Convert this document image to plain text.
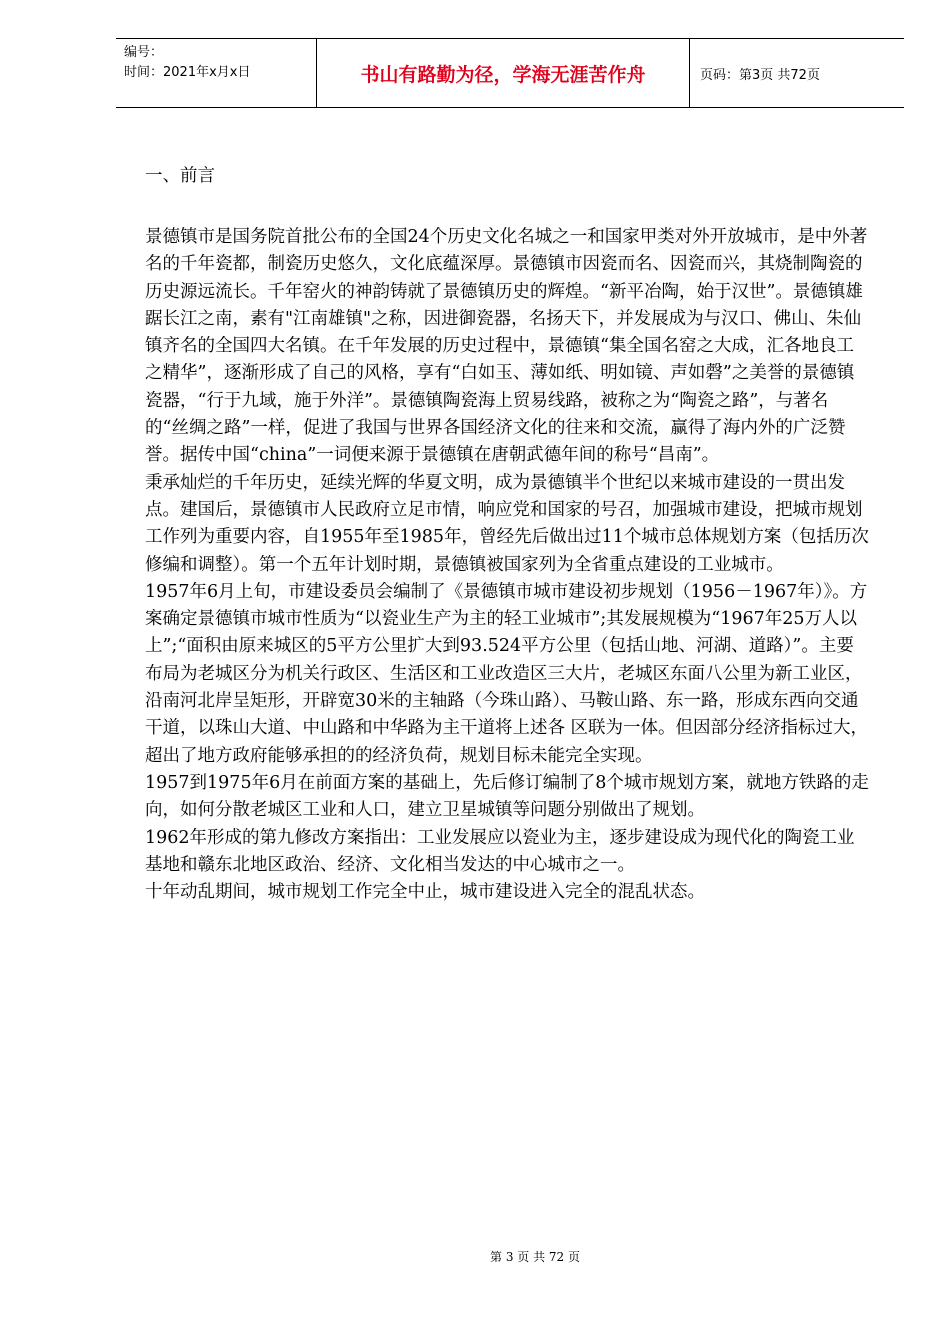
编号：
时间：2021年x月x日	书山有路勤为径，学海无涯苦作舟	页码：第3页 共72页
一、前言

景德镇市是国务院首批公布的全国24个历史文化名城之一和国家甲类对外开放城市，是中外著名的千年瓷都，制瓷历史悠久，文化底蕴深厚。景德镇市因瓷而名、因瓷而兴，其烧制陶瓷的历史源远流长。千年窑火的神韵铸就了景德镇历史的辉煌。“新平冶陶，始于汉世”。景德镇雄踞长江之南，素有"江南雄镇"之称，因进御瓷器，名扬天下，并发展成为与汉口、佛山、朱仙镇齐名的全国四大名镇。在千年发展的历史过程中，景德镇“集全国名窑之大成，汇各地良工之精华”，逐渐形成了自己的风格，享有“白如玉、薄如纸、明如镜、声如磬”之美誉的景德镇瓷器，“行于九域，施于外洋”。景德镇陶瓷海上贸易线路，被称之为“陶瓷之路”，与著名的“丝绸之路”一样，促进了我国与世界各国经济文化的往来和交流，赢得了海内外的广泛赞誉。据传中国“china”一词便来源于景德镇在唐朝武德年间的称号“昌南”。

秉承灿烂的千年历史，延续光辉的华夏文明，成为景德镇半个世纪以来城市建设的一贯出发点。建国后，景德镇市人民政府立足市情，响应党和国家的号召，加强城市建设，把城市规划工作列为重要内容，自1955年至1985年，曾经先后做出过11个城市总体规划方案（包括历次修编和调整）。第一个五年计划时期，景德镇被国家列为全省重点建设的工业城市。

1957年6月上旬，市建设委员会编制了《景德镇市城市建设初步规划（1956－1967年）》。方案确定景德镇市城市性质为“以瓷业生产为主的轻工业城市”;其发展规模为“1967年25万人以上”;“面积由原来城区的5平方公里扩大到93.524平方公里（包括山地、河湖、道路）”。主要布局为老城区分为机关行政区、生活区和工业改造区三大片，老城区东面八公里为新工业区，沿南河北岸呈矩形，开辟宽30米的主轴路（今珠山路）、马鞍山路、东一路，形成东西向交通干道，以珠山大道、中山路和中华路为主干道将上述各 区联为一体。但因部分经济指标过大，超出了地方政府能够承担的的经济负荷，规划目标未能完全实现。

1957到1975年6月在前面方案的基础上，先后修订编制了8个城市规划方案，就地方铁路的走向，如何分散老城区工业和人口，建立卫星城镇等问题分别做出了规划。

1962年形成的第九修改方案指出：工业发展应以瓷业为主，逐步建设成为现代化的陶瓷工业基地和赣东北地区政治、经济、文化相当发达的中心城市之一。

十年动乱期间，城市规划工作完全中止，城市建设进入完全的混乱状态。

第 3 页 共 72 页
